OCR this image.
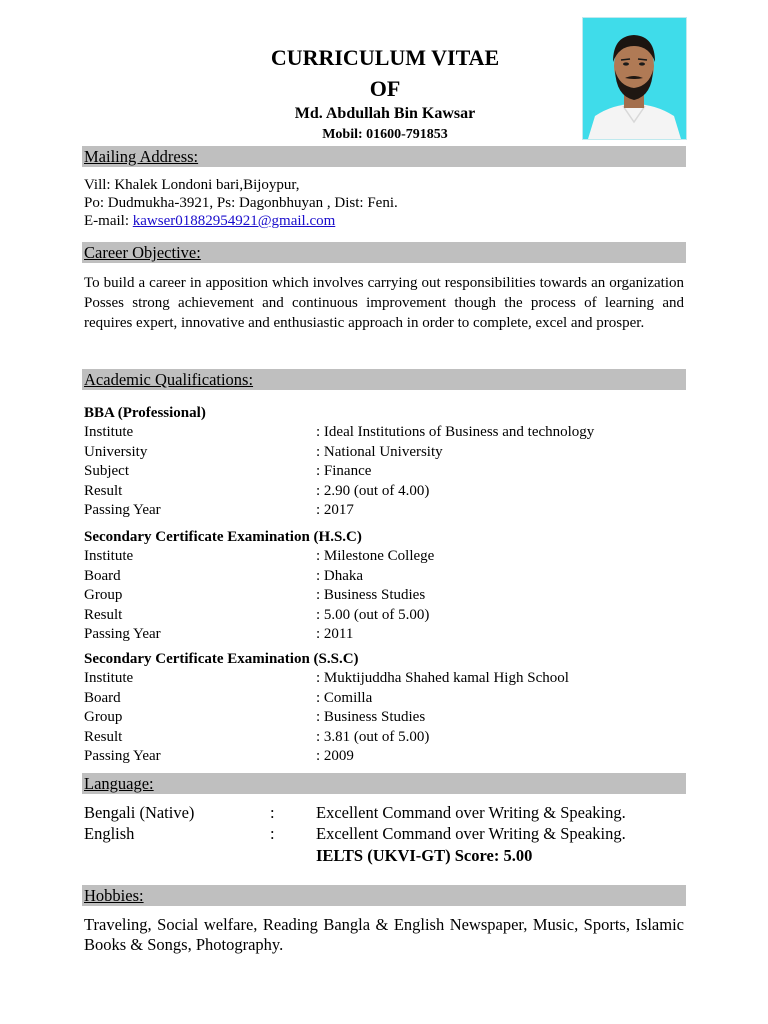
CURRICULUM VITAE
OF
Md. Abdullah Bin Kawsar
Mobil: 01600-791853
Mailing Address:
Vill: Khalek Londoni bari,Bijoypur,
Po: Dudmukha-3921, Ps: Dagonbhuyan , Dist: Feni.
E-mail: kawser01882954921@gmail.com
Career Objective:
To build a career in apposition which involves carrying out responsibilities towards an organization Posses strong achievement and continuous improvement though the process of learning and requires expert, innovative and enthusiastic approach in order to complete, excel and prosper.
Academic Qualifications:
BBA (Professional)
Institute	: Ideal Institutions of Business and technology
University	: National University
Subject	: Finance
Result	: 2.90 (out of 4.00)
Passing Year	: 2017
Secondary Certificate Examination (H.S.C)
Institute	: Milestone College
Board	: Dhaka
Group	: Business Studies
Result	: 5.00 (out of 5.00)
Passing Year	: 2011
Secondary Certificate Examination (S.S.C)
Institute	: Muktijuddha Shahed kamal High School
Board	: Comilla
Group	: Business Studies
Result	: 3.81 (out of 5.00)
Passing Year	: 2009
Language:
Bengali (Native)	:	Excellent Command over Writing & Speaking.
English	:	Excellent Command over Writing & Speaking.
IELTS (UKVI-GT) Score: 5.00
Hobbies:
Traveling, Social welfare, Reading Bangla & English Newspaper, Music, Sports, Islamic Books & Songs, Photography.
